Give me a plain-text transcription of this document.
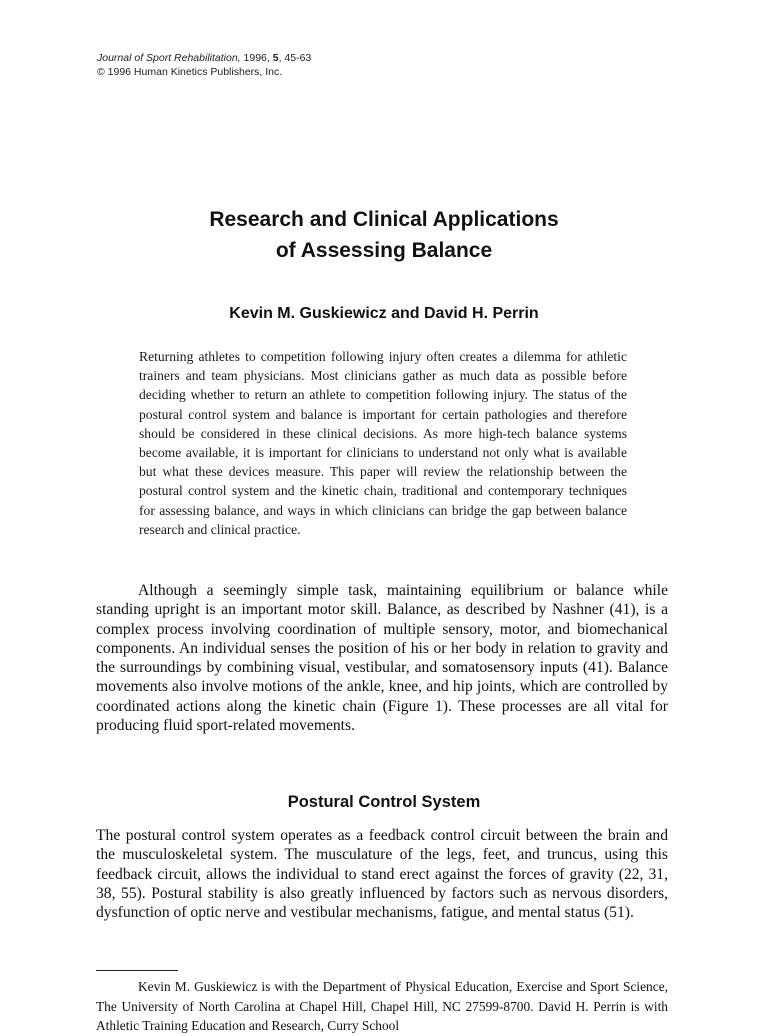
Journal of Sport Rehabilitation, 1996, 5, 45-63
© 1996 Human Kinetics Publishers, Inc.
Research and Clinical Applications
of Assessing Balance
Kevin M. Guskiewicz and David H. Perrin
Returning athletes to competition following injury often creates a dilemma for athletic trainers and team physicians. Most clinicians gather as much data as possible before deciding whether to return an athlete to competition following injury. The status of the postural control system and balance is important for certain pathologies and therefore should be considered in these clinical decisions. As more high-tech balance systems become available, it is important for clinicians to understand not only what is available but what these devices measure. This paper will review the relationship between the postural control system and the kinetic chain, traditional and contemporary techniques for assessing balance, and ways in which clinicians can bridge the gap between balance research and clinical practice.

Although a seemingly simple task, maintaining equilibrium or balance while standing upright is an important motor skill. Balance, as described by Nashner (41), is a complex process involving coordination of multiple sensory, motor, and biomechanical components. An individual senses the position of his or her body in relation to gravity and the surroundings by combining visual, vestibular, and somatosensory inputs (41). Balance movements also involve motions of the ankle, knee, and hip joints, which are controlled by coordinated actions along the kinetic chain (Figure 1). These processes are all vital for producing fluid sport-related movements.

Postural Control System

The postural control system operates as a feedback control circuit between the brain and the musculoskeletal system. The musculature of the legs, feet, and truncus, using this feedback circuit, allows the individual to stand erect against the forces of gravity (22, 31, 38, 55). Postural stability is also greatly influenced by factors such as nervous disorders, dysfunction of optic nerve and vestibular mechanisms, fatigue, and mental status (51).

Kevin M. Guskiewicz is with the Department of Physical Education, Exercise and Sport Science, The University of North Carolina at Chapel Hill, Chapel Hill, NC 27599-8700. David H. Perrin is with Athletic Training Education and Research, Curry School
